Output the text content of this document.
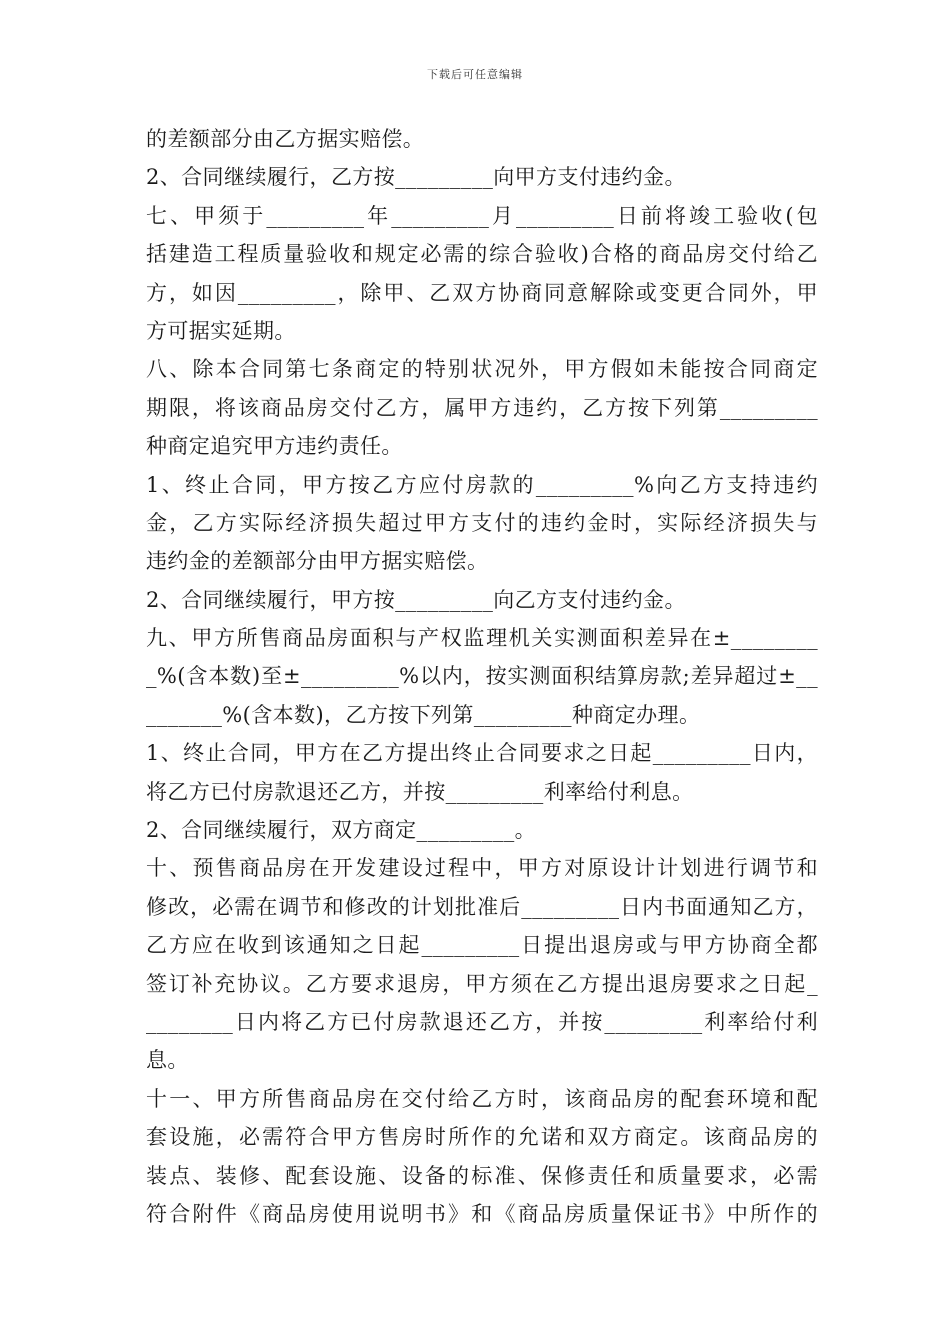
下载后可任意编辑
的差额部分由乙方据实赔偿。
2、合同继续履行，乙方按_________向甲方支付违约金。
七、甲须于_________年_________月_________日前将竣工验收(包
括建造工程质量验收和规定必需的综合验收)合格的商品房交付给乙
方，如因_________，除甲、乙双方协商同意解除或变更合同外，甲
方可据实延期。
八、除本合同第七条商定的特别状况外，甲方假如未能按合同商定
期限，将该商品房交付乙方，属甲方违约，乙方按下列第_________
种商定追究甲方违约责任。
1、终止合同，甲方按乙方应付房款的_________%向乙方支持违约
金，乙方实际经济损失超过甲方支付的违约金时，实际经济损失与
违约金的差额部分由甲方据实赔偿。
2、合同继续履行，甲方按_________向乙方支付违约金。
九、甲方所售商品房面积与产权监理机关实测面积差异在±________
_%(含本数)至±_________%以内，按实测面积结算房款;差异超过±__
_______%(含本数)，乙方按下列第_________种商定办理。
1、终止合同，甲方在乙方提出终止合同要求之日起_________日内，
将乙方已付房款退还乙方，并按_________利率给付利息。
2、合同继续履行，双方商定_________。
十、预售商品房在开发建设过程中，甲方对原设计计划进行调节和
修改，必需在调节和修改的计划批准后_________日内书面通知乙方，
乙方应在收到该通知之日起_________日提出退房或与甲方协商全都
签订补充协议。乙方要求退房，甲方须在乙方提出退房要求之日起_
________日内将乙方已付房款退还乙方，并按_________利率给付利
息。
十一、甲方所售商品房在交付给乙方时，该商品房的配套环境和配
套设施，必需符合甲方售房时所作的允诺和双方商定。该商品房的
装点、装修、配套设施、设备的标准、保修责任和质量要求，必需
符合附件《商品房使用说明书》和《商品房质量保证书》中所作的
